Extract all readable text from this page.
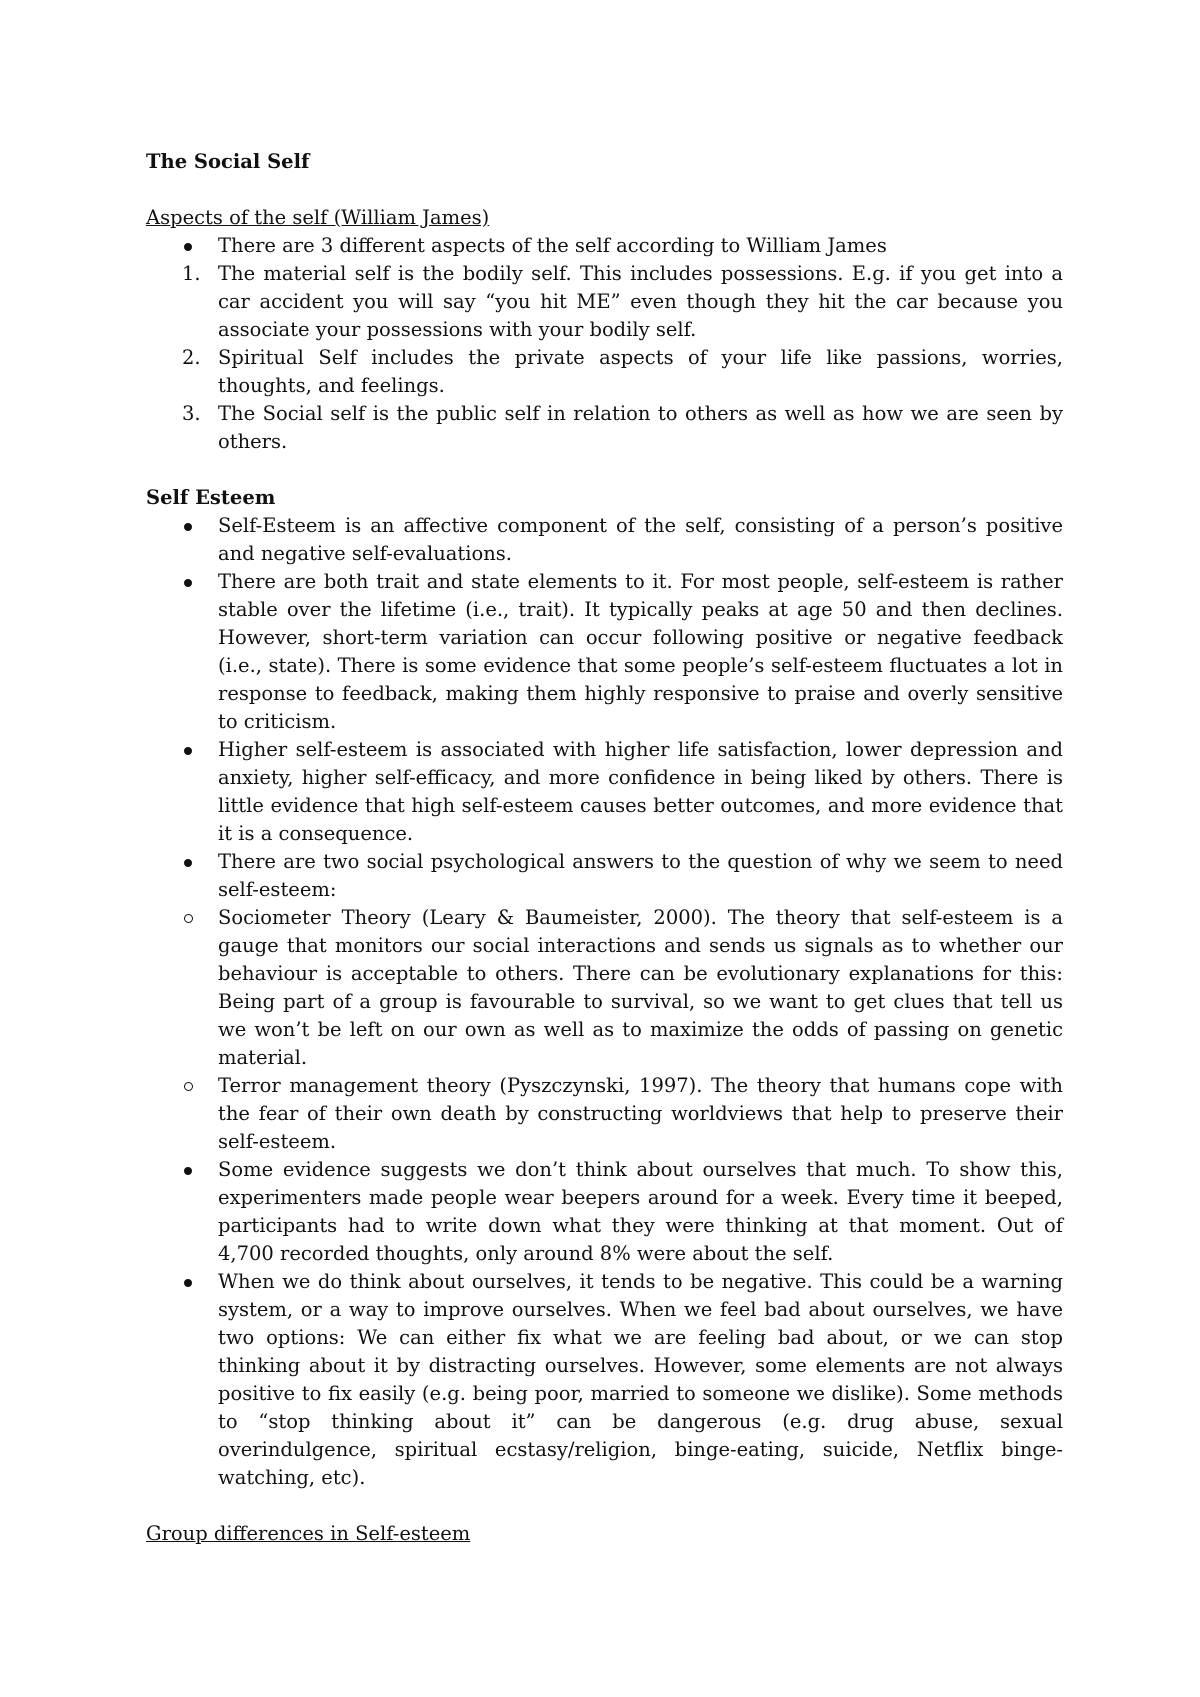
The Social Self
Aspects of the self (William James)
There are 3 different aspects of the self according to William James
1. The material self is the bodily self. This includes possessions. E.g. if you get into a car accident you will say “you hit ME” even though they hit the car because you associate your possessions with your bodily self.
2. Spiritual Self includes the private aspects of your life like passions, worries, thoughts, and feelings.
3. The Social self is the public self in relation to others as well as how we are seen by others.
Self Esteem
Self-Esteem is an affective component of the self, consisting of a person’s positive and negative self-evaluations.
There are both trait and state elements to it. For most people, self-esteem is rather stable over the lifetime (i.e., trait). It typically peaks at age 50 and then declines. However, short-term variation can occur following positive or negative feedback (i.e., state). There is some evidence that some people’s self-esteem fluctuates a lot in response to feedback, making them highly responsive to praise and overly sensitive to criticism.
Higher self-esteem is associated with higher life satisfaction, lower depression and anxiety, higher self-efficacy, and more confidence in being liked by others. There is little evidence that high self-esteem causes better outcomes, and more evidence that it is a consequence.
There are two social psychological answers to the question of why we seem to need self-esteem:
Sociometer Theory (Leary & Baumeister, 2000). The theory that self-esteem is a gauge that monitors our social interactions and sends us signals as to whether our behaviour is acceptable to others. There can be evolutionary explanations for this: Being part of a group is favourable to survival, so we want to get clues that tell us we won’t be left on our own as well as to maximize the odds of passing on genetic material.
Terror management theory (Pyszczynski, 1997). The theory that humans cope with the fear of their own death by constructing worldviews that help to preserve their self-esteem.
Some evidence suggests we don’t think about ourselves that much. To show this, experimenters made people wear beepers around for a week. Every time it beeped, participants had to write down what they were thinking at that moment. Out of 4,700 recorded thoughts, only around 8% were about the self.
When we do think about ourselves, it tends to be negative. This could be a warning system, or a way to improve ourselves. When we feel bad about ourselves, we have two options: We can either fix what we are feeling bad about, or we can stop thinking about it by distracting ourselves. However, some elements are not always positive to fix easily (e.g. being poor, married to someone we dislike). Some methods to “stop thinking about it” can be dangerous (e.g. drug abuse, sexual overindulgence, spiritual ecstasy/religion, binge-eating, suicide, Netflix binge-watching, etc).
Group differences in Self-esteem
